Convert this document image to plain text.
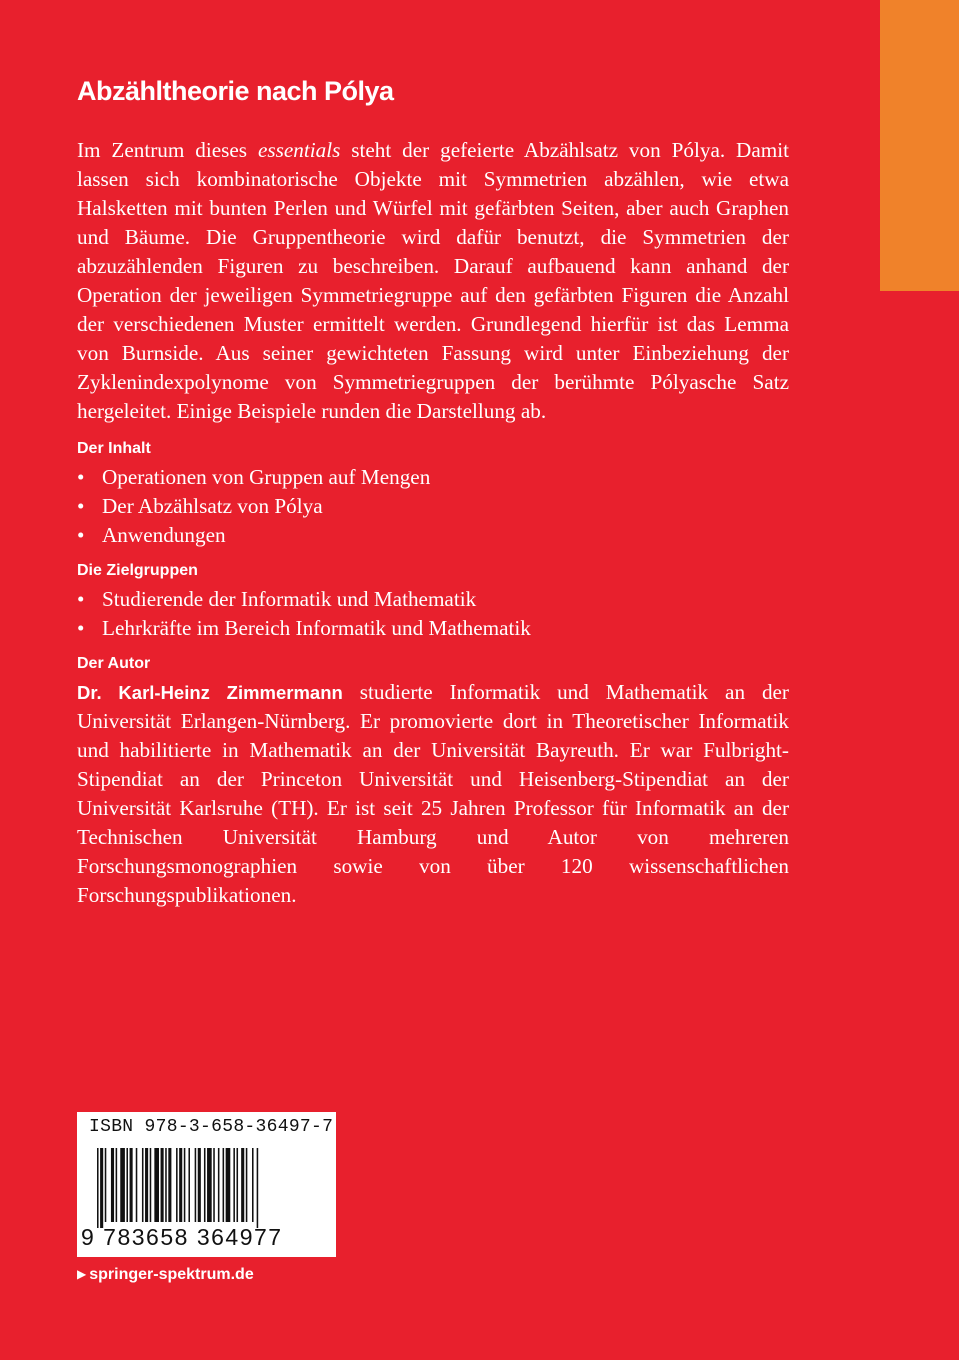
Abzähltheorie nach Pólya

Im Zentrum dieses essentials steht der gefeierte Abzählsatz von Pólya. Damit lassen sich kombinatorische Objekte mit Symmetrien abzählen, wie etwa Halsketten mit bunten Perlen und Würfel mit gefärbten Seiten, aber auch Graphen und Bäume. Die Gruppentheorie wird dafür benutzt, die Symmetrien der abzuzählenden Figuren zu beschreiben. Darauf aufbauend kann anhand der Operation der jeweiligen Symmetriegruppe auf den gefärbten Figuren die Anzahl der verschiedenen Muster ermittelt werden. Grundlegend hierfür ist das Lemma von Burnside. Aus seiner gewichteten Fassung wird unter Einbeziehung der Zyklenindexpolynome von Symmetriegruppen der berühmte Pólyasche Satz hergeleitet. Einige Beispiele runden die Darstellung ab.

Der Inhalt
• Operationen von Gruppen auf Mengen
• Der Abzählsatz von Pólya
• Anwendungen
Die Zielgruppen
• Studierende der Informatik und Mathematik
• Lehrkräfte im Bereich Informatik und Mathematik
Der Autor

Dr. Karl-Heinz Zimmermann studierte Informatik und Mathematik an der Universität Erlangen-Nürnberg. Er promovierte dort in Theoretischer Informatik und habilitierte in Mathematik an der Universität Bayreuth. Er war Fulbright-Stipendiat an der Princeton Universität und Heisenberg-Stipendiat an der Universität Karlsruhe (TH). Er ist seit 25 Jahren Professor für Informatik an der Technischen Universität Hamburg und Autor von mehreren Forschungsmonographien sowie von über 120 wissenschaftlichen Forschungspublikationen.

ISBN 978-3-658-36497-7
9 783658 364977
▶ springer-spektrum.de
